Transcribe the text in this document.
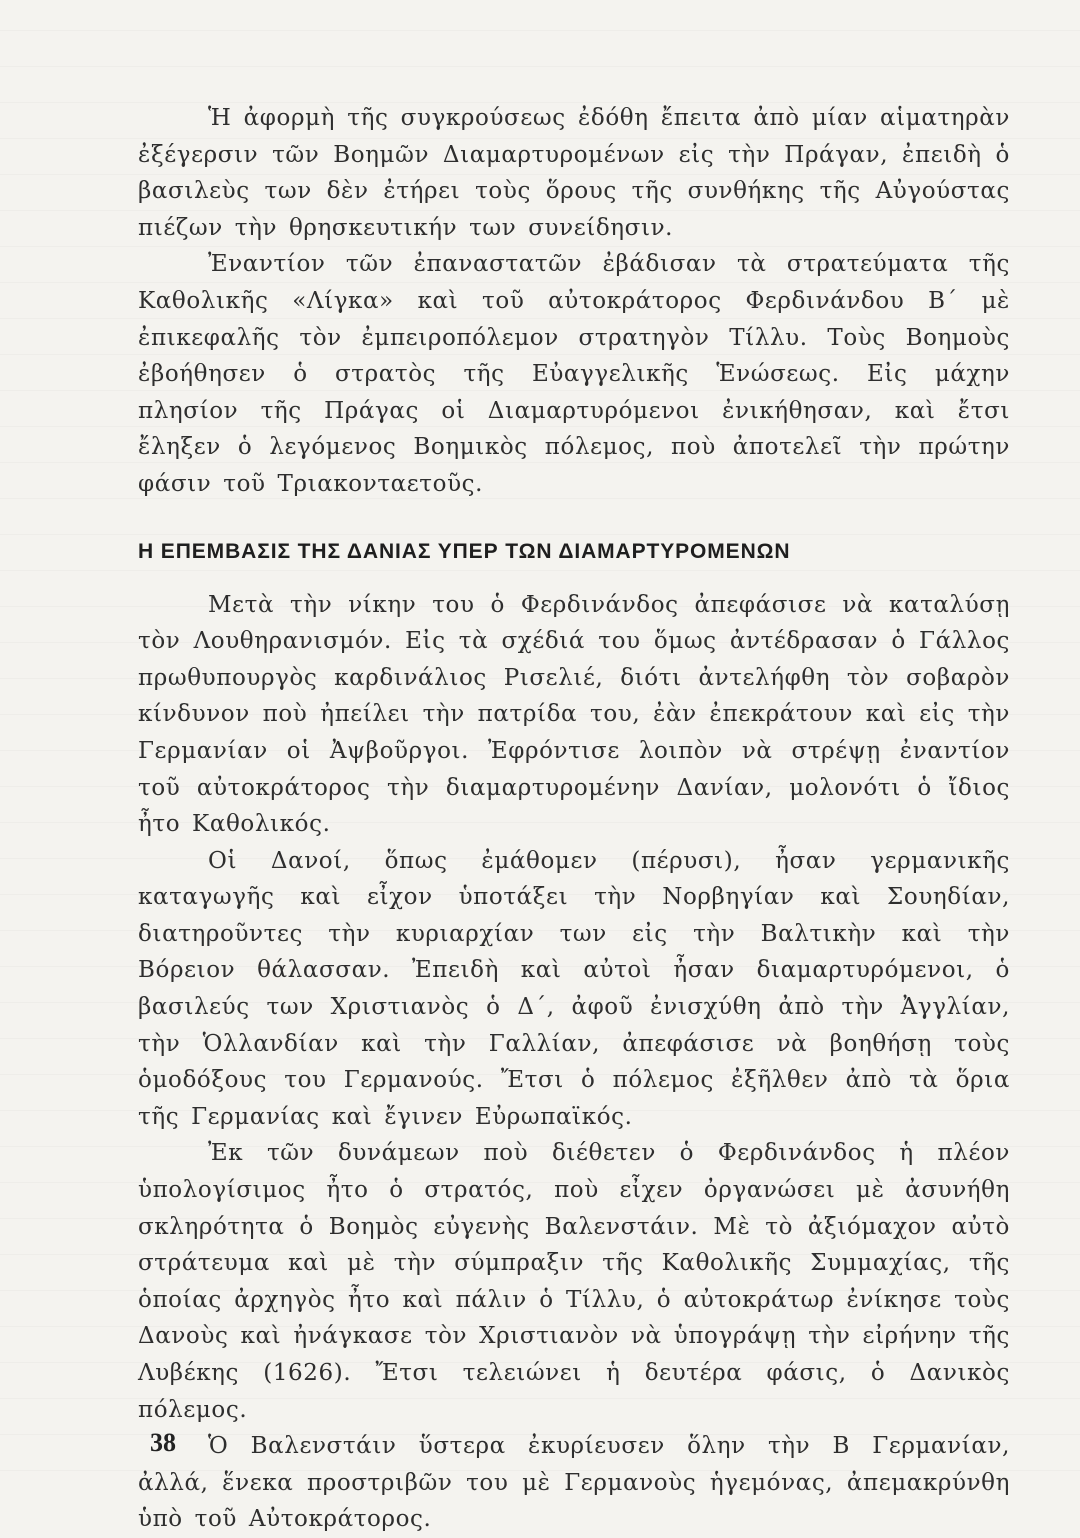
Ἡ ἀφορμὴ τῆς συγκρούσεως ἐδόθη ἔπειτα ἀπὸ μίαν αἱματηρὰν ἐξέγερσιν τῶν Βοημῶν Διαμαρτυρομένων εἰς τὴν Πράγαν, ἐπειδὴ ὁ βασιλεὺς των δὲν ἐτήρει τοὺς ὅρους τῆς συνθήκης τῆς Αὐγούστας πιέζων τὴν θρησκευτικήν των συνείδησιν.

Ἐναντίον τῶν ἐπαναστατῶν ἐβάδισαν τὰ στρατεύματα τῆς Καθολικῆς «Λίγκα» καὶ τοῦ αὐτοκράτορος Φερδινάνδου Β΄ μὲ ἐπικεφαλῆς τὸν ἐμπειροπόλεμον στρατηγὸν Τίλλυ. Τοὺς Βοημοὺς ἐβοήθησεν ὁ στρατὸς τῆς Εὐαγγελικῆς Ἑνώσεως. Εἰς μάχην πλησίον τῆς Πράγας οἱ Διαμαρτυρόμενοι ἐνικήθησαν, καὶ ἔτσι ἔληξεν ὁ λεγόμενος Βοημικὸς πόλεμος, ποὺ ἀποτελεῖ τὴν πρώτην φάσιν τοῦ Τριακονταετοῦς.

Η ΕΠΕΜΒΑΣΙΣ ΤΗΣ ΔΑΝΙΑΣ ΥΠΕΡ ΤΩΝ ΔΙΑΜΑΡΤΥΡΟΜΕΝΩΝ

Μετὰ τὴν νίκην του ὁ Φερδινάνδος ἀπεφάσισε νὰ καταλύσῃ τὸν Λουθηρανισμόν. Εἰς τὰ σχέδιά του ὅμως ἀντέδρασαν ὁ Γάλλος πρωθυπουργὸς καρδινάλιος Ρισελιέ, διότι ἀντελήφθη τὸν σοβαρὸν κίνδυνον ποὺ ἠπείλει τὴν πατρίδα του, ἐὰν ἐπεκράτουν καὶ εἰς τὴν Γερμανίαν οἱ Ἀψβοῦργοι. Ἐφρόντισε λοιπὸν νὰ στρέψῃ ἐναντίον τοῦ αὐτοκράτορος τὴν διαμαρτυρομένην Δανίαν, μολονότι ὁ ἴδιος ἦτο Καθολικός.

Οἱ Δανοί, ὅπως ἐμάθομεν (πέρυσι), ἦσαν γερμανικῆς καταγωγῆς καὶ εἶχον ὑποτάξει τὴν Νορβηγίαν καὶ Σουηδίαν, διατηροῦντες τὴν κυριαρχίαν των εἰς τὴν Βαλτικὴν καὶ τὴν Βόρειον θάλασσαν. Ἐπειδὴ καὶ αὐτοὶ ἦσαν διαμαρτυρόμενοι, ὁ βασιλεύς των Χριστιανὸς ὁ Δ΄, ἀφοῦ ἐνισχύθη ἀπὸ τὴν Ἀγγλίαν, τὴν Ὁλλανδίαν καὶ τὴν Γαλλίαν, ἀπεφάσισε νὰ βοηθήσῃ τοὺς ὁμοδόξους του Γερμανούς. Ἔτσι ὁ πόλεμος ἐξῆλθεν ἀπὸ τὰ ὅρια τῆς Γερμανίας καὶ ἔγινεν Εὐρωπαϊκός.

Ἐκ τῶν δυνάμεων ποὺ διέθετεν ὁ Φερδινάνδος ἡ πλέον ὑπολογίσιμος ἦτο ὁ στρατός, ποὺ εἶχεν ὀργανώσει μὲ ἀσυνήθη σκληρότητα ὁ Βοημὸς εὐγενὴς Βαλενστάιν. Μὲ τὸ ἀξιόμαχον αὐτὸ στράτευμα καὶ μὲ τὴν σύμπραξιν τῆς Καθολικῆς Συμμαχίας, τῆς ὁποίας ἀρχηγὸς ἦτο καὶ πάλιν ὁ Τίλλυ, ὁ αὐτοκράτωρ ἐνίκησε τοὺς Δανοὺς καὶ ἠνάγκασε τὸν Χριστιανὸν νὰ ὑπογράψῃ τὴν εἰρήνην τῆς Λυβέκης (1626). Ἔτσι τελειώνει ἡ δευτέρα φάσις, ὁ Δανικὸς πόλεμος.

Ὁ Βαλενστάιν ὕστερα ἐκυρίευσεν ὅλην τὴν Β Γερμανίαν, ἀλλά, ἕνεκα προστριβῶν του μὲ Γερμανοὺς ἡγεμόνας, ἀπεμακρύνθη ὑπὸ τοῦ Αὐτοκράτορος.

38
